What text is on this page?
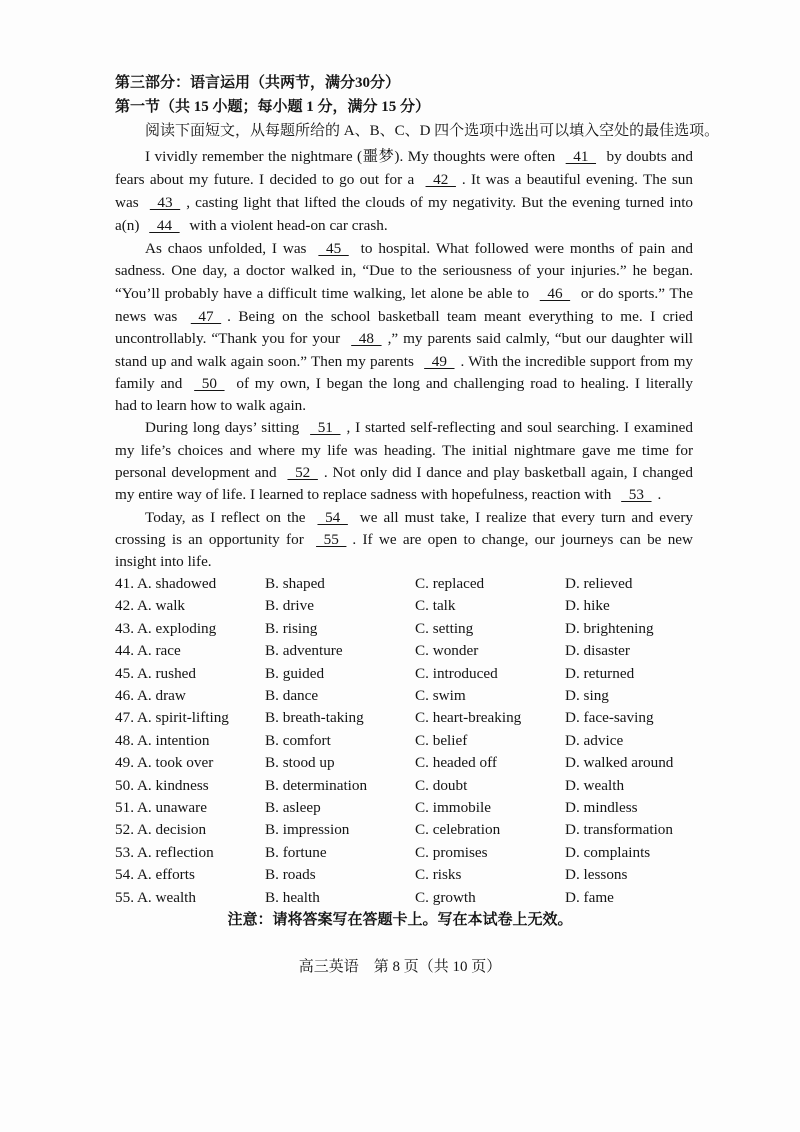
第三部分：语言运用（共两节，满分30分）
第一节（共 15 小题；每小题 1 分，满分 15 分）
阅读下面短文，从每题所给的 A、B、C、D 四个选项中选出可以填入空处的最佳选项。
I vividly remember the nightmare (噩梦). My thoughts were often   41   by doubts and
fears about my future. I decided to go out for a   42  . It was a beautiful evening. The sun
was   43  , casting light that lifted the clouds of my negativity. But the evening turned into
a(n)   44   with a violent head-on car crash.
As chaos unfolded, I was   45   to hospital. What followed were months of pain and
sadness. One day, a doctor walked in, “Due to the seriousness of your injuries.” he began.
“You’ll probably have a difficult time walking, let alone be able to   46   or do sports.” The
news was   47  . Being on the school basketball team meant everything to me. I cried
uncontrollably. “Thank you for your   48  ,” my parents said calmly, “but our daughter will
stand up and walk again soon.” Then my parents   49  . With the incredible support from my
family and   50   of my own, I began the long and challenging road to healing. I literally
had to learn how to walk again.
During long days’ sitting   51  , I started self-reflecting and soul searching. I examined
my life’s choices and where my life was heading. The initial nightmare gave me time for
personal development and   52  . Not only did I dance and play basketball again, I changed
my entire way of life. I learned to replace sadness with hopefulness, reaction with   53  .
Today, as I reflect on the   54   we all must take, I realize that every turn and every
crossing is an opportunity for   55  . If we are open to change, our journeys can be new
insight into life.
41. A. shadowed	B. shaped	C. replaced	D. relieved
42. A. walk	B. drive	C. talk	D. hike
43. A. exploding	B. rising	C. setting	D. brightening
44. A. race	B. adventure	C. wonder	D. disaster
45. A. rushed	B. guided	C. introduced	D. returned
46. A. draw	B. dance	C. swim	D. sing
47. A. spirit-lifting B. breath-taking	C. heart-breaking	D. face-saving
48. A. intention	B. comfort	C. belief	D. advice
49. A. took over	B. stood up	C. headed off	D. walked around
50. A. kindness	B. determination	C. doubt	D. wealth
51. A. unaware	B. asleep	C. immobile	D. mindless
52. A. decision	B. impression	C. celebration	D. transformation
53. A. reflection	B. fortune	C. promises	D. complaints
54. A. efforts	B. roads	C. risks	D. lessons
55. A. wealth	B. health	C. growth	D. fame
注意：请将答案写在答题卡上。写在本试卷上无效。
高三英语　第 8 页（共 10 页）
